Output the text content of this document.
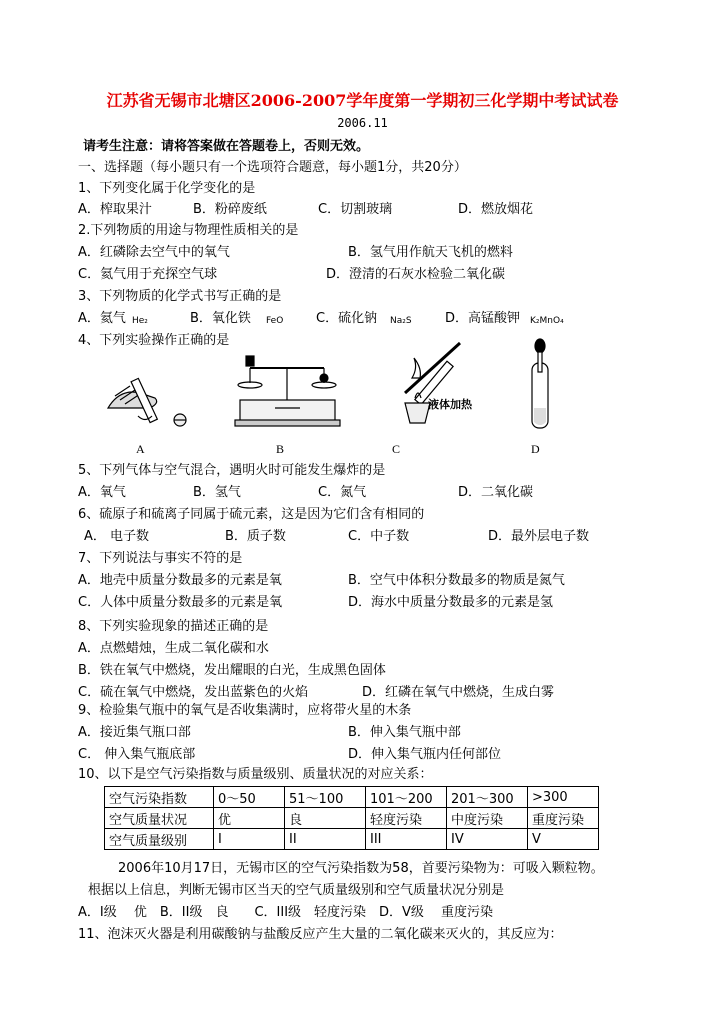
江苏省无锡市北塘区2006-2007学年度第一学期初三化学期中考试试卷
2006.11
请考生注意：请将答案做在答题卷上，否则无效。
一、选择题（每小题只有一个选项符合题意，每小题1分，共20分）
1、下列变化属于化学变化的是
A．榨取果汁	B．粉碎废纸	C．切割玻璃	D．燃放烟花
2.下列物质的用途与物理性质相关的是
A．红磷除去空气中的氧气	B．氢气用作航天飞机的燃料
C．氦气用于充探空气球	D．澄清的石灰水检验二氧化碳
3、下列物质的化学式书写正确的是
A．氦气 He₂	B．氧化铁 FeO	C．硫化钠 Na₂S	D．高锰酸钾 K₂MnO₄
4、下列实验操作正确的是
液体加热
A	B	C	D
5、下列气体与空气混合，遇明火时可能发生爆炸的是
A．氧气	B．氢气	C．氮气	D．二氧化碳
6、硫原子和硫离子同属于硫元素，这是因为它们含有相同的
A． 电子数	B．质子数	C．中子数	D．最外层电子数
7、下列说法与事实不符的是
A．地壳中质量分数最多的元素是氧	B．空气中体积分数最多的物质是氮气
C．人体中质量分数最多的元素是氧	D．海水中质量分数最多的元素是氢
8、下列实验现象的描述正确的是
A．点燃蜡烛，生成二氧化碳和水
B．铁在氧气中燃烧，发出耀眼的白光，生成黑色固体
C．硫在氧气中燃烧，发出蓝紫色的火焰	D．红磷在氧气中燃烧，生成白雾
9、检验集气瓶中的氧气是否收集满时，应将带火星的木条
A．接近集气瓶口部	B．伸入集气瓶中部
C． 伸入集气瓶底部	D．伸入集气瓶内任何部位
10、以下是空气污染指数与质量级别、质量状况的对应关系：
空气污染指数	0～50	51～100	101～200	201～300	>300
空气质量状况	优	良	轻度污染	中度污染	重度污染
空气质量级别	I	II	III	IV	V
2006年10月17日，无锡市区的空气污染指数为58，首要污染物为：可吸入颗粒物。
根据以上信息，判断无锡市区当天的空气质量级别和空气质量状况分别是
A．I级　 优　B．II级　良　　C．III级　轻度污染　D．V级　 重度污染
11、泡沫灭火器是利用碳酸钠与盐酸反应产生大量的二氧化碳来灭火的，其反应为：
